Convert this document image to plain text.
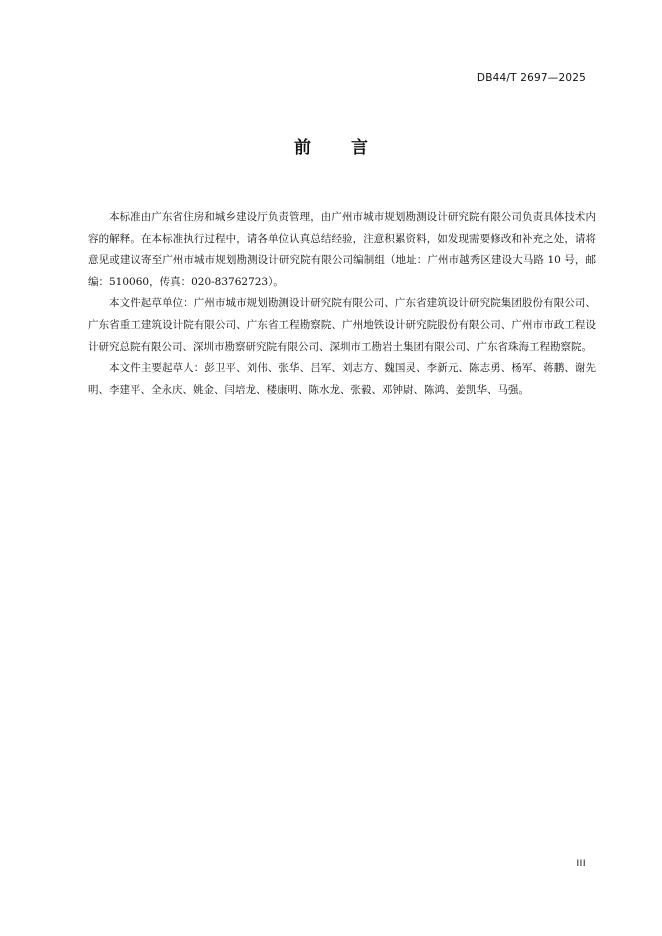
DB44/T 2697—2025
前 言

本标准由广东省住房和城乡建设厅负责管理，由广州市城市规划勘测设计研究院有限公司负责具体技术内容的解释。在本标准执行过程中，请各单位认真总结经验，注意积累资料，如发现需要修改和补充之处，请将意见或建议寄至广州市城市规划勘测设计研究院有限公司编制组（地址：广州市越秀区建设大马路 10 号，邮编：510060，传真：020-83762723）。

本文件起草单位：广州市城市规划勘测设计研究院有限公司、广东省建筑设计研究院集团股份有限公司、广东省重工建筑设计院有限公司、广东省工程勘察院、广州地铁设计研究院股份有限公司、广州市市政工程设计研究总院有限公司、深圳市勘察研究院有限公司、深圳市工勘岩土集团有限公司、广东省珠海工程勘察院。

本文件主要起草人：彭卫平、刘伟、张华、吕军、刘志方、魏国灵、李新元、陈志勇、杨军、蒋鹏、谢先明、李建平、全永庆、姚金、闫培龙、楼康明、陈水龙、张毅、邓钟尉、陈鸿、姜凯华、马强。

III
